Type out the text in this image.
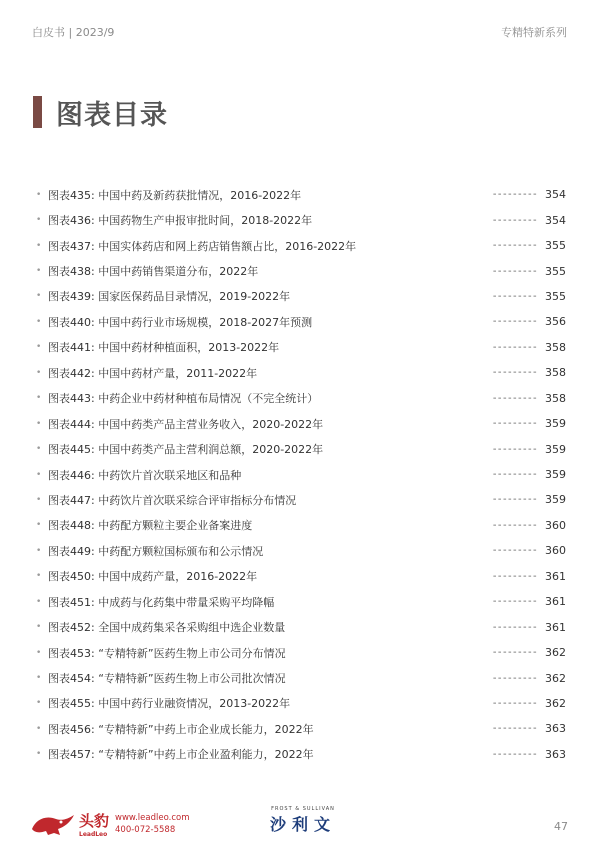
白皮书 | 2023/9	专精特新系列
图表目录
• 图表435: 中国中药及新药获批情况，2016-2022年	--------- 354
• 图表436: 中国药物生产申报审批时间，2018-2022年	--------- 354
• 图表437: 中国实体药店和网上药店销售额占比，2016-2022年	--------- 355
• 图表438: 中国中药销售渠道分布，2022年	--------- 355
• 图表439: 国家医保药品目录情况，2019-2022年	--------- 355
• 图表440: 中国中药行业市场规模，2018-2027年预测	--------- 356
• 图表441: 中国中药材种植面积，2013-2022年	--------- 358
• 图表442: 中国中药材产量，2011-2022年	--------- 358
• 图表443: 中药企业中药材种植布局情况（不完全统计）	--------- 358
• 图表444: 中国中药类产品主营业务收入，2020-2022年	--------- 359
• 图表445: 中国中药类产品主营利润总额，2020-2022年	--------- 359
• 图表446: 中药饮片首次联采地区和品种	--------- 359
• 图表447: 中药饮片首次联采综合评审指标分布情况	--------- 359
• 图表448: 中药配方颗粒主要企业备案进度	--------- 360
• 图表449: 中药配方颗粒国标颁布和公示情况	--------- 360
• 图表450: 中国中成药产量，2016-2022年	--------- 361
• 图表451: 中成药与化药集中带量采购平均降幅	--------- 361
• 图表452: 全国中成药集采各采购组中选企业数量	--------- 361
• 图表453: “专精特新”医药生物上市公司分布情况	--------- 362
• 图表454: “专精特新”医药生物上市公司批次情况	--------- 362
• 图表455: 中国中药行业融资情况，2013-2022年	--------- 362
• 图表456: “专精特新”中药上市企业成长能力，2022年	--------- 363
• 图表457: “专精特新”中药上市企业盈利能力，2022年	--------- 363
头豹
LeadLeo
www.leadleo.com
400-072-5588
FROST & SULLIVAN
沙利文	47
